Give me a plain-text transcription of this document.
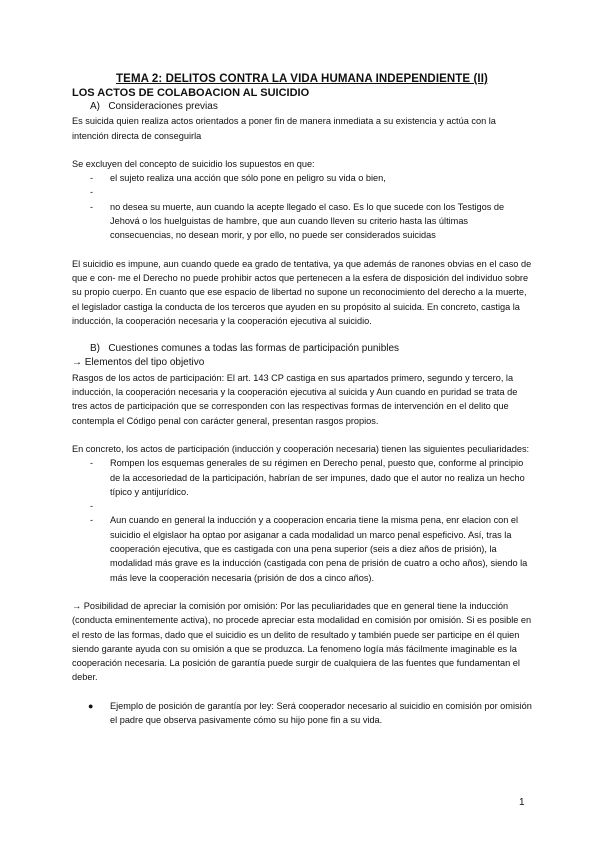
TEMA 2: DELITOS CONTRA LA VIDA HUMANA INDEPENDIENTE (II)
LOS ACTOS DE COLABOACION AL SUICIDIO
A)   Consideraciones previas

Es suicida quien realiza actos orientados a poner fin de manera inmediata a su existencia y actúa con la intención directa de conseguirla

Se excluyen del concepto de suicidio los supuestos en que:

- el sujeto realiza una acción que sólo pone en peligro su vida o bien,
-
- no desea su muerte, aun cuando la acepte llegado el caso. Es lo que sucede con los Testigos de Jehová o los huelguistas de hambre, que aun cuando lleven su criterio hasta las últimas consecuencias, no desean morir, y por ello, no puede ser considerados suicidas

El suicidio es impune, aun cuando quede ea grado de tentativa, ya que además de ranones obvias en el caso de que e con- me el Derecho no puede prohibir actos que pertenecen a la esfera de disposición del individuo sobre su propio cuerpo. En cuanto que ese espacio de libertad no supone un reconocimiento del derecho a la muerte, el legislador castiga la conducta de los terceros que ayuden en su propósito al suicida. En concreto, castiga la inducción, la cooperación necesaria y la cooperación ejecutiva al suicidio.

B)   Cuestiones comunes a todas las formas de participación punibles

→ Elementos del tipo objetivo

Rasgos de los actos de participación: El art. 143 CP castiga en sus apartados primero, segundo y tercero, la inducción, la cooperación necesaria y la cooperación ejecutiva al suicida y Aun cuando en puridad se trata de tres actos de participación que se corresponden con las respectivas formas de intervención en el delito que contempla el Código penal con carácter general, presentan rasgos propios.

En concreto, los actos de participación (inducción y cooperación necesaria) tienen las siguientes peculiaridades:

- Rompen los esquemas generales de su régimen en Derecho penal, puesto que, conforme al principio de la accesoriedad de la participación, habrían de ser impunes, dado que el autor no realiza un hecho típico y antijurídico.
-
- Aun cuando en general la inducción y a cooperacion encaria tiene la misma pena, enr elacion con el suicidio el elgislaor ha optao por asiganar a cada modalidad un marco penal espeficivo. Así, tras la cooperación ejecutiva, que es castigada con una pena superior (seis a diez años de prisión), la modalidad más grave es la inducción (castigada con pena de prisión de cuatro a ocho años), siendo la más leve la cooperación necesaria (prisión de dos a cinco años).

→ Posibilidad de apreciar la comisión por omisión: Por las peculiaridades que en general tiene la inducción (conducta eminentemente activa), no procede apreciar esta modalidad en comisión por omisión. Si es posible en el resto de las formas, dado que el suicidio es un delito de resultado y también puede ser participe en él quien siendo garante ayuda con su omisión a que se produzca. La fenomeno logía más fácilmente imaginable es la cooperación necesaria. La posición de garantía puede surgir de cualquiera de las fuentes que fundamentan el deber.

● Ejemplo de posición de garantía por ley: Será cooperador necesario al suicidio en comisión por omisión el padre que observa pasivamente cómo su hijo pone fin a su vida.
1
